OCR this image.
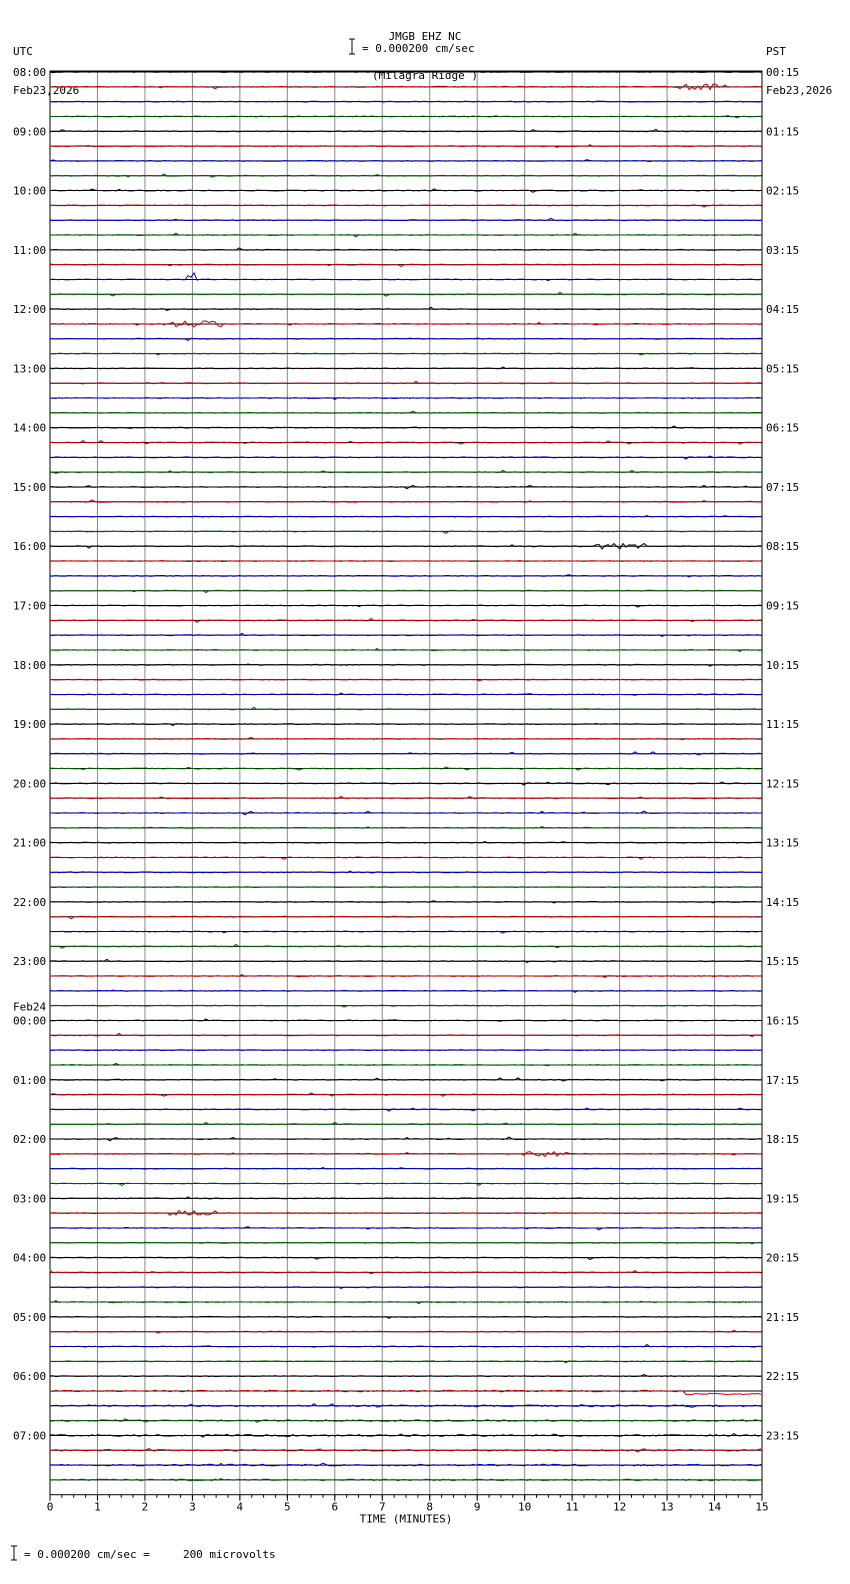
UTC

Feb23,2026

JMGB EHZ NC

(Milagra Ridge )

= 0.000200 cm/sec

	PST

Feb23,2026

08:00
09:00
10:00
11:00
12:00
13:00
14:00
15:00
16:00
17:00
18:00
19:00
20:00
21:00
22:00
23:00
00:00
01:00
02:00
03:00
04:00
05:00
06:00
07:00
Feb24
00:15
01:15
02:15
03:15
04:15
05:15
06:15
07:15
08:15
09:15
10:15
11:15
12:15
13:15
14:15
15:15
16:15
17:15
18:15
19:15
20:15
21:15
22:15
23:15
0	1	2	3	4	5	6	7	8	9	10	11	12	13	14	15
TIME (MINUTES)
= 0.000200 cm/sec =     200 microvolts
